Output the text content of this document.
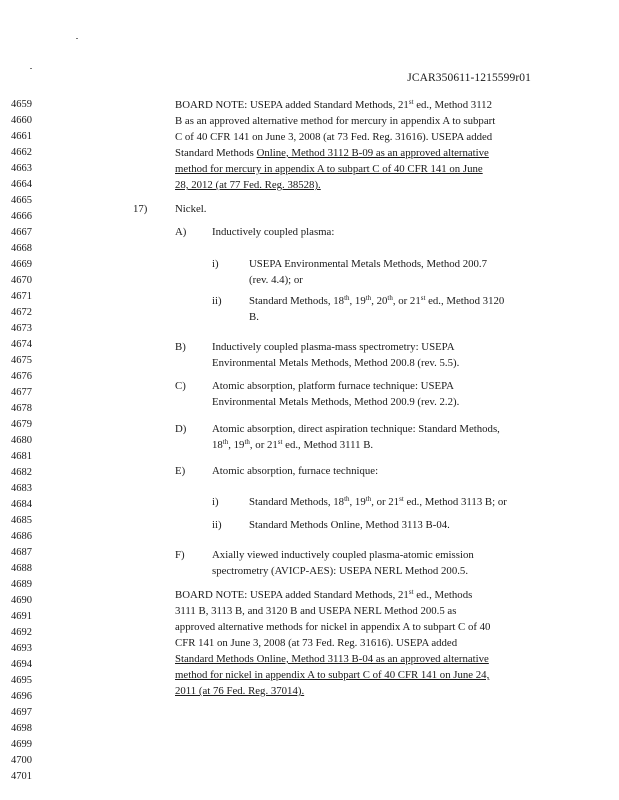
JCAR350611-1215599r01
4659
4660
4661
4662
4663
4664
4665
4666
4667
4668
4669
4670
4671
4672
4673
4674
4675
4676
4677
4678
4679
4680
4681
4682
4683
4684
4685
4686
4687
4688
4689
4690
4691
4692
4693
4694
4695
4696
4697
4698
4699
4700
4701
BOARD NOTE: USEPA added Standard Methods, 21st ed., Method 3112
B as an approved alternative method for mercury in appendix A to subpart
C of 40 CFR 141 on June 3, 2008 (at 73 Fed. Reg. 31616). USEPA added
Standard Methods Online, Method 3112 B-09 as an approved alternative
method for mercury in appendix A to subpart C of 40 CFR 141 on June
28, 2012 (at 77 Fed. Reg. 38528).
17)	Nickel.
A) Inductively coupled plasma:
i)	USEPA Environmental Metals Methods, Method 200.7
(rev. 4.4); or
ii)	Standard Methods, 18th, 19th, 20th, or 21st ed., Method 3120
B.
B) Inductively coupled plasma-mass spectrometry: USEPA
Environmental Metals Methods, Method 200.8 (rev. 5.5).
C) Atomic absorption, platform furnace technique: USEPA
Environmental Metals Methods, Method 200.9 (rev. 2.2).
D) Atomic absorption, direct aspiration technique: Standard Methods,
18th, 19th, or 21st ed., Method 3111 B.
E) Atomic absorption, furnace technique:
i)	Standard Methods, 18th, 19th, or 21st ed., Method 3113 B; or
ii)	Standard Methods Online, Method 3113 B-04.
F)	Axially viewed inductively coupled plasma-atomic emission
spectrometry (AVICP-AES): USEPA NERL Method 200.5.
BOARD NOTE: USEPA added Standard Methods, 21st ed., Methods
3111 B, 3113 B, and 3120 B and USEPA NERL Method 200.5 as
approved alternative methods for nickel in appendix A to subpart C of 40
CFR 141 on June 3, 2008 (at 73 Fed. Reg. 31616). USEPA added
Standard Methods Online, Method 3113 B-04 as an approved alternative
method for nickel in appendix A to subpart C of 40 CFR 141 on June 24,
2011 (at 76 Fed. Reg. 37014).
